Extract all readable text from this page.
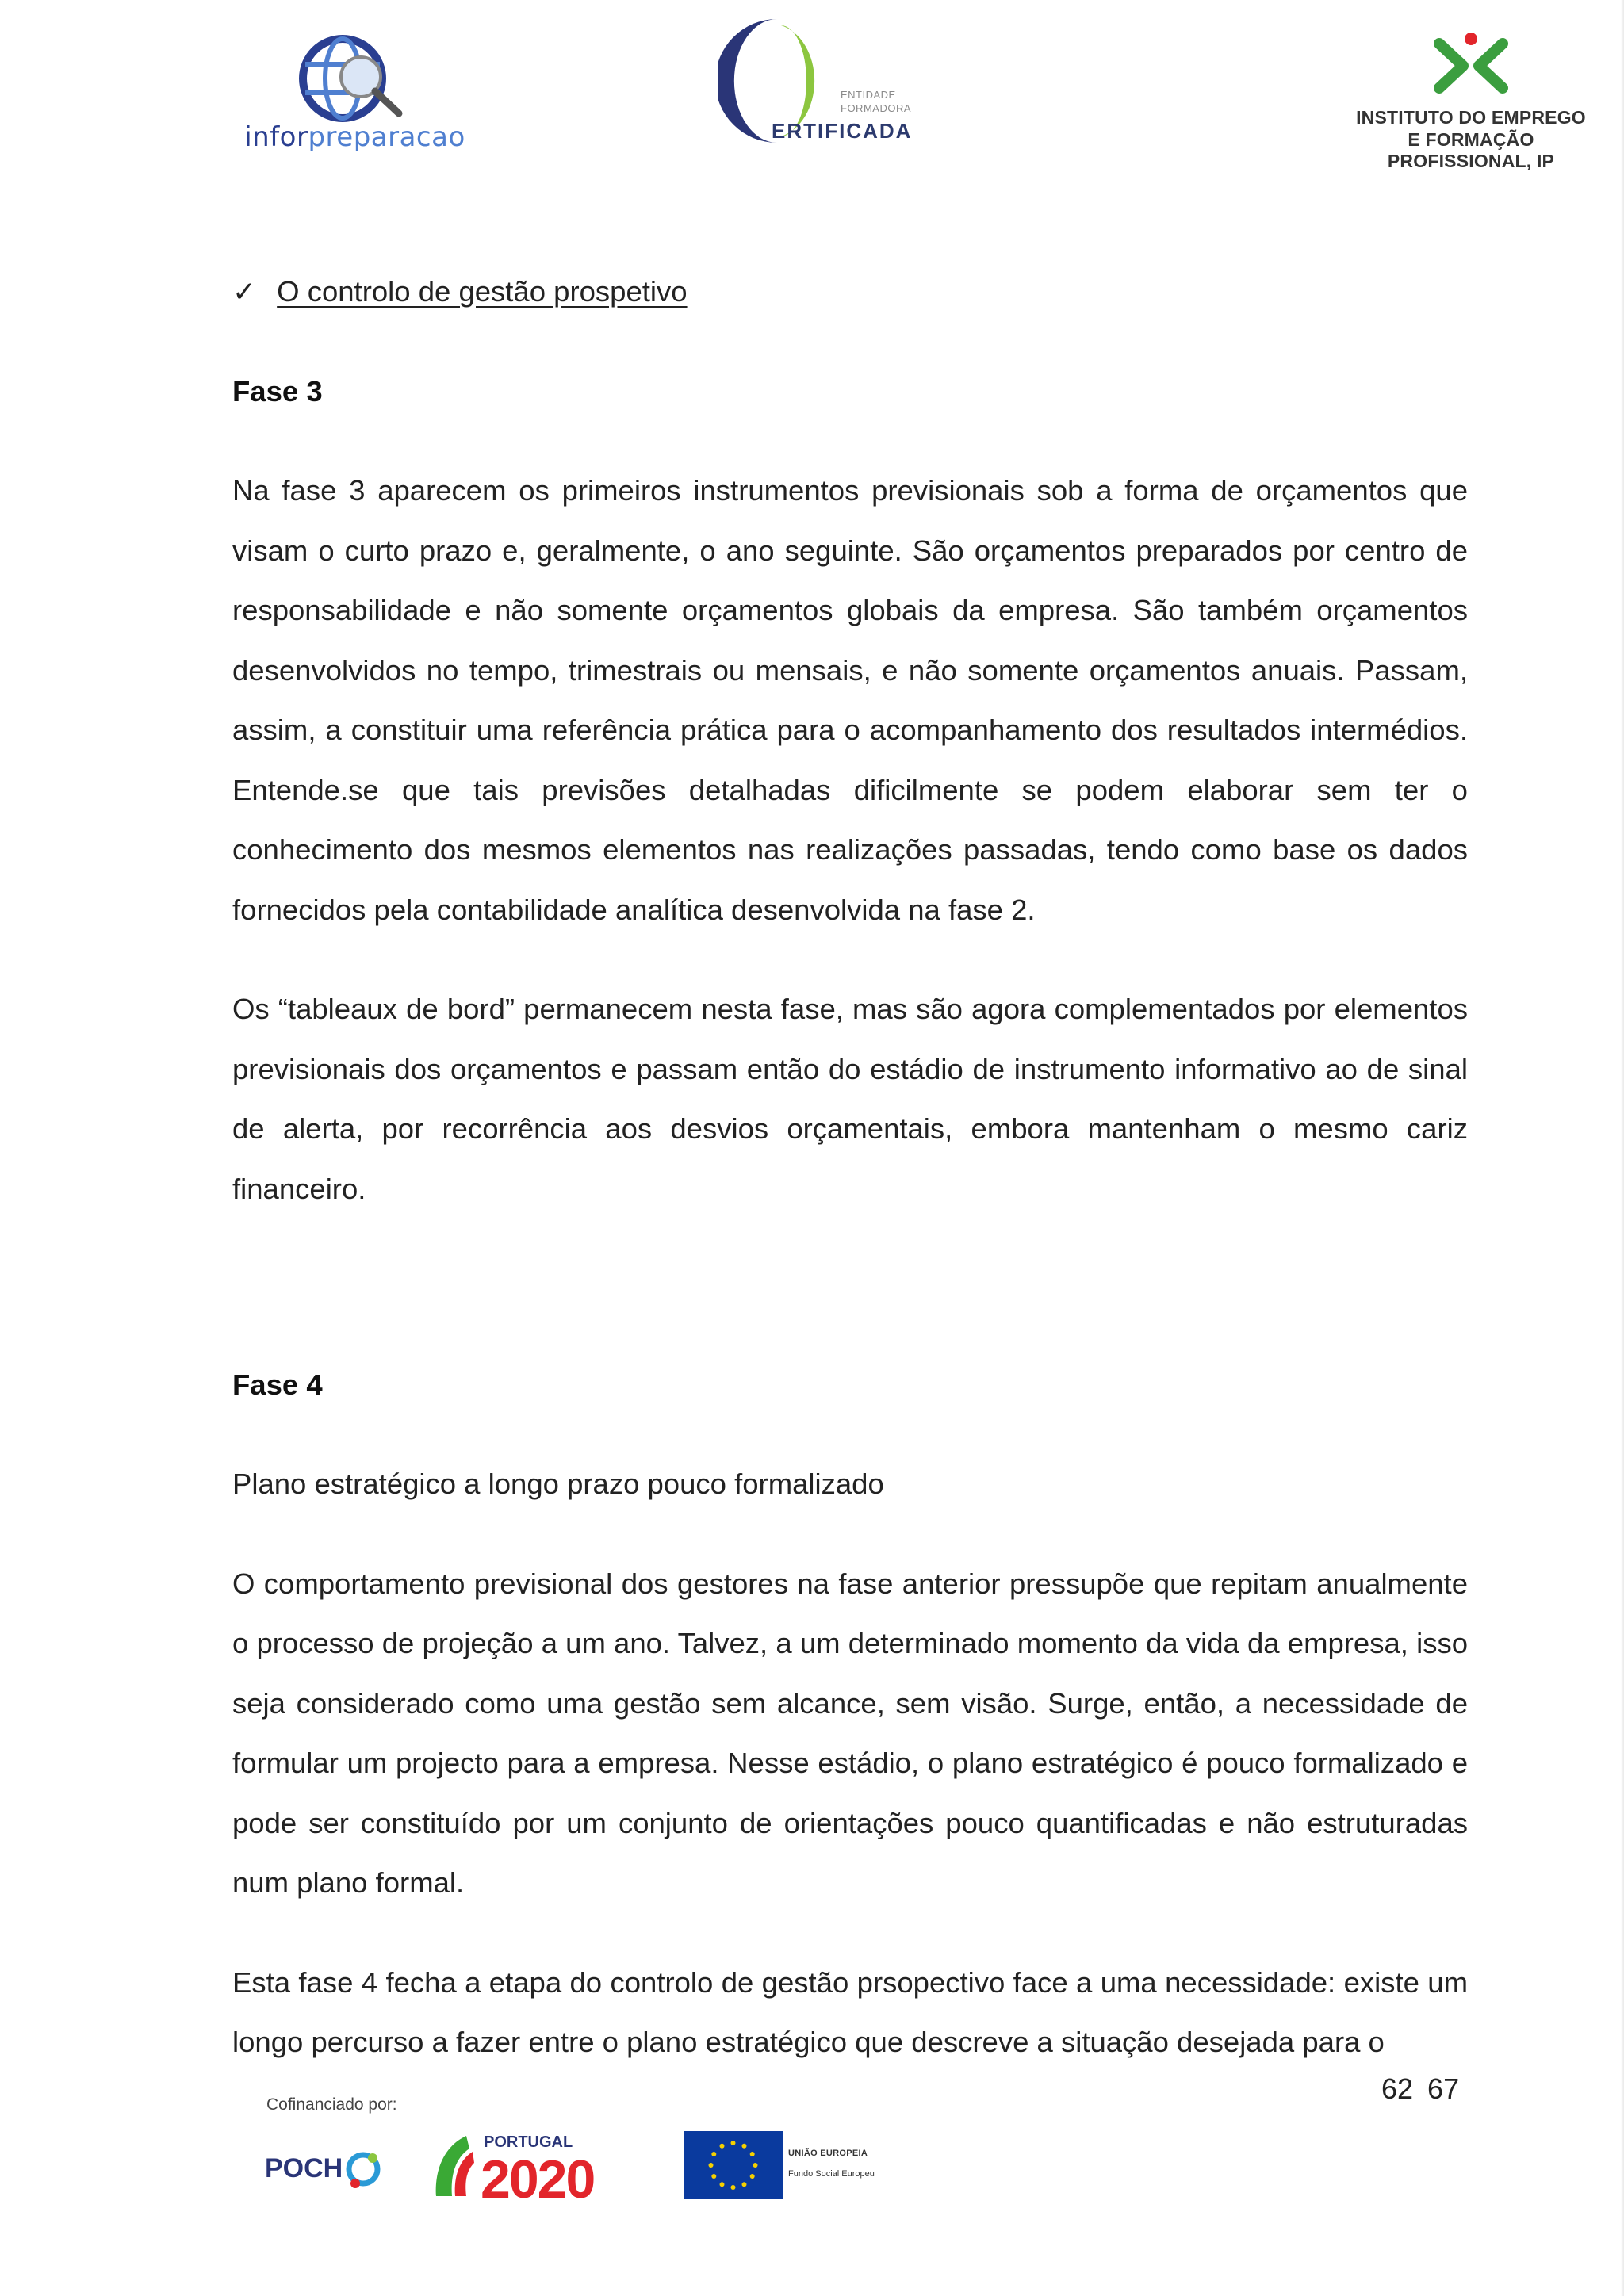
inforpreparacao
DGERT	ENTIDADE
FORMADORA
ERTIFICADA
INSTITUTO DO EMPREGO
E FORMAÇÃO PROFISSIONAL, IP
✓ O controlo de gestão prospetivo
Fase 3

Na fase 3 aparecem os primeiros instrumentos previsionais sob a forma de orçamentos que visam o curto prazo e, geralmente, o ano seguinte. São orçamentos preparados por centro de responsabilidade e não somente orçamentos globais da empresa. São também orçamentos desenvolvidos no tempo, trimestrais ou mensais, e não somente orçamentos anuais. Passam, assim, a constituir uma referência prática para o acompanhamento dos resultados intermédios. Entende.se que tais previsões detalhadas dificilmente se podem elaborar sem ter o conhecimento dos mesmos elementos nas realizações passadas, tendo como base os dados fornecidos pela contabilidade analítica desenvolvida na fase 2.

Os “tableaux de bord” permanecem nesta fase, mas são agora complementados por elementos previsionais dos orçamentos e passam então do estádio de instrumento informativo ao de sinal de alerta, por recorrência aos desvios orçamentais, embora mantenham o mesmo cariz financeiro.

Fase 4

Plano estratégico a longo prazo pouco formalizado

O comportamento previsional dos gestores na fase anterior pressupõe que repitam anualmente o processo de projeção a um ano. Talvez, a um determinado momento da vida da empresa, isso seja considerado como uma gestão sem alcance, sem visão. Surge, então, a necessidade de formular um projecto para a empresa. Nesse estádio, o plano estratégico é pouco formalizado e pode ser constituído por um conjunto de orientações pouco quantificadas e não estruturadas num plano formal.

Esta fase 4 fecha a etapa do controlo de gestão prsopectivo face a uma necessidade: existe um longo percurso a fazer entre o plano estratégico que descreve a situação desejada para o

62 67
Cofinanciado por:
POCH
PORTUGAL
2020	UNIÃO EUROPEIA
Fundo Social Europeu
